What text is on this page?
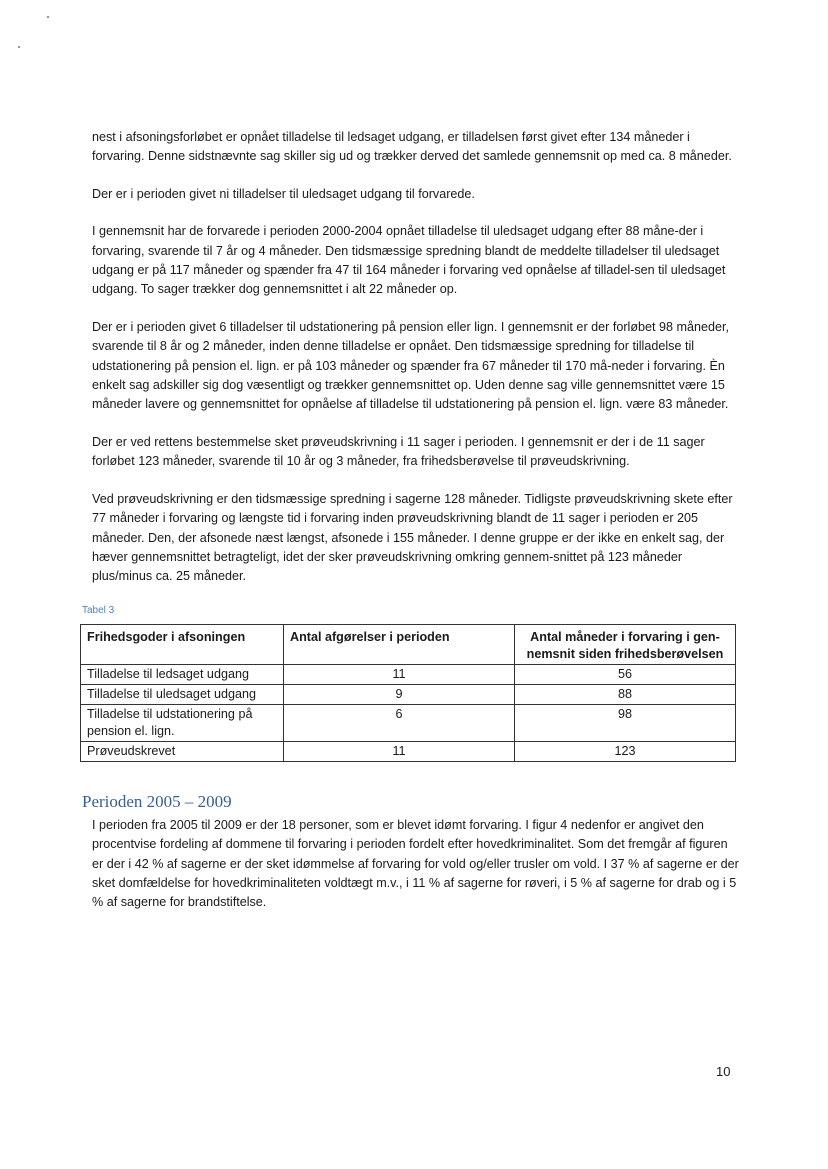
nest i afsoningsforløbet er opnået tilladelse til ledsaget udgang, er tilladelsen først givet efter 134 måneder i forvaring. Denne sidstnævnte sag skiller sig ud og trækker derved det samlede gennemsnit op med ca. 8 måneder.

Der er i perioden givet ni tilladelser til uledsaget udgang til forvarede.

I gennemsnit har de forvarede i perioden 2000-2004 opnået tilladelse til uledsaget udgang efter 88 måne-der i forvaring, svarende til 7 år og 4 måneder. Den tidsmæssige spredning blandt de meddelte tilladelser til uledsaget udgang er på 117 måneder og spænder fra 47 til 164 måneder i forvaring ved opnåelse af tilladel-sen til uledsaget udgang. To sager trækker dog gennemsnittet i alt 22 måneder op.

Der er i perioden givet 6 tilladelser til udstationering på pension eller lign. I gennemsnit er der forløbet 98 måneder, svarende til 8 år og 2 måneder, inden denne tilladelse er opnået. Den tidsmæssige spredning for tilladelse til udstationering på pension el. lign. er på 103 måneder og spænder fra 67 måneder til 170 må-neder i forvaring. Èn enkelt sag adskiller sig dog væsentligt og trækker gennemsnittet op. Uden denne sag ville gennemsnittet være 15 måneder lavere og gennemsnittet for opnåelse af tilladelse til udstationering på pension el. lign. være 83 måneder.

Der er ved rettens bestemmelse sket prøveudskrivning i 11 sager i perioden. I gennemsnit er der i de 11 sager forløbet 123 måneder, svarende til 10 år og 3 måneder, fra frihedsberøvelse til prøveudskrivning.

Ved prøveudskrivning er den tidsmæssige spredning i sagerne 128 måneder. Tidligste prøveudskrivning skete efter 77 måneder i forvaring og længste tid i forvaring inden prøveudskrivning blandt de 11 sager i perioden er 205 måneder. Den, der afsonede næst længst, afsonede i 155 måneder. I denne gruppe er der ikke en enkelt sag, der hæver gennemsnittet betragteligt, idet der sker prøveudskrivning omkring gennem-snittet på 123 måneder plus/minus ca. 25 måneder.

Tabel 3
Frihedsgoder i afsoningen	Antal afgørelser i perioden	Antal måneder i forvaring i gen-nemsnit siden frihedsberøvelsen
Tilladelse til ledsaget udgang	11	56
Tilladelse til uledsaget udgang	9	88
Tilladelse til udstationering på pension el. lign.	6	98
Prøveudskrevet	11	123
Perioden 2005 – 2009

I perioden fra 2005 til 2009 er der 18 personer, som er blevet idømt forvaring. I figur 4 nedenfor er angivet den procentvise fordeling af dommene til forvaring i perioden fordelt efter hovedkriminalitet. Som det fremgår af figuren er der i 42 % af sagerne er der sket idømmelse af forvaring for vold og/eller trusler om vold. I 37 % af sagerne er der sket domfældelse for hovedkriminaliteten voldtægt m.v., i 11 % af sagerne for røveri, i 5 % af sagerne for drab og i 5 % af sagerne for brandstiftelse.

10
